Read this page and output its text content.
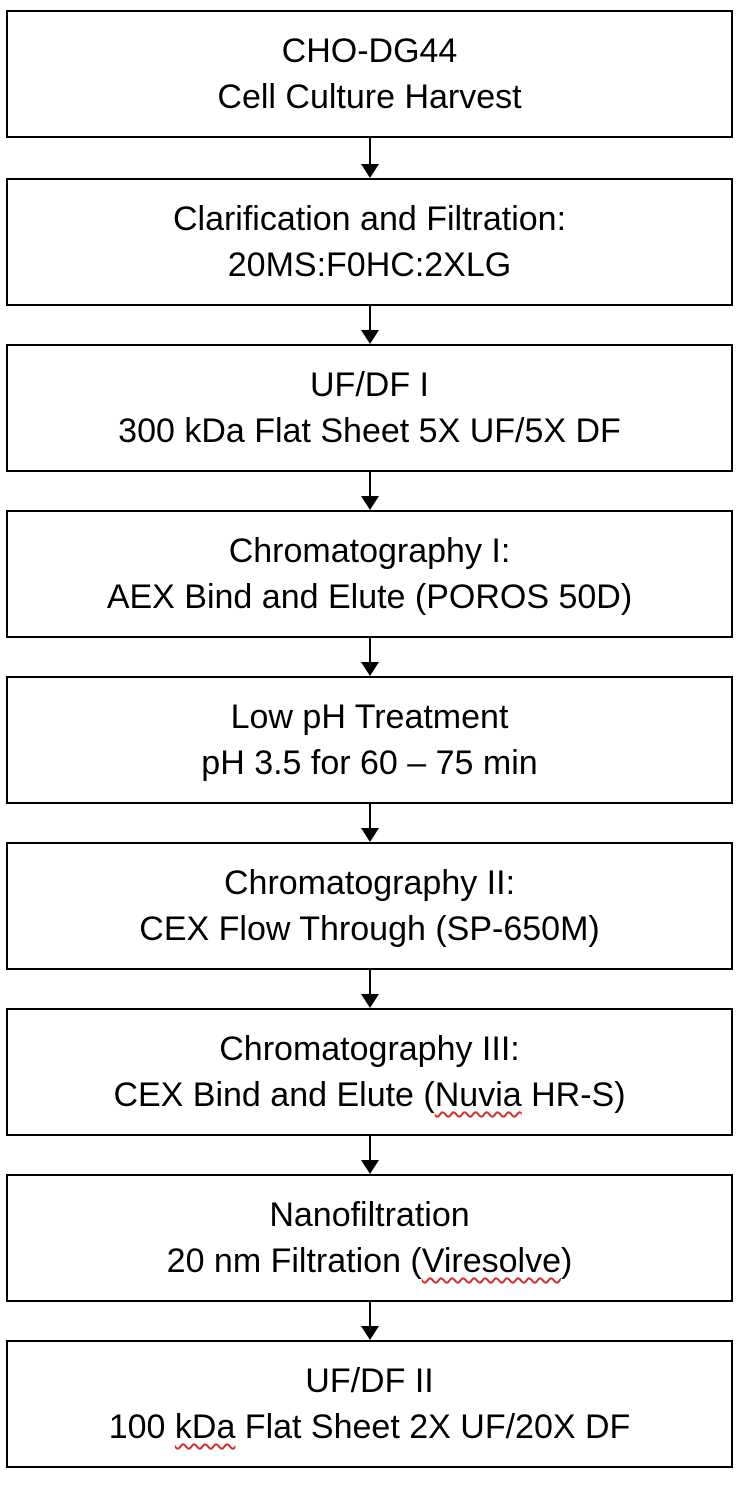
CHO-DG44
Cell Culture Harvest
Clarification and Filtration:
20MS:F0HC:2XLG
UF/DF I
300 kDa Flat Sheet 5X UF/5X DF
Chromatography I:
AEX Bind and Elute (POROS 50D)
Low pH Treatment
pH 3.5 for 60 – 75 min
Chromatography II:
CEX Flow Through (SP-650M)
Chromatography III:
CEX Bind and Elute (Nuvia HR-S)
Nanofiltration
20 nm Filtration (Viresolve)
UF/DF II
100 kDa Flat Sheet 2X UF/20X DF
